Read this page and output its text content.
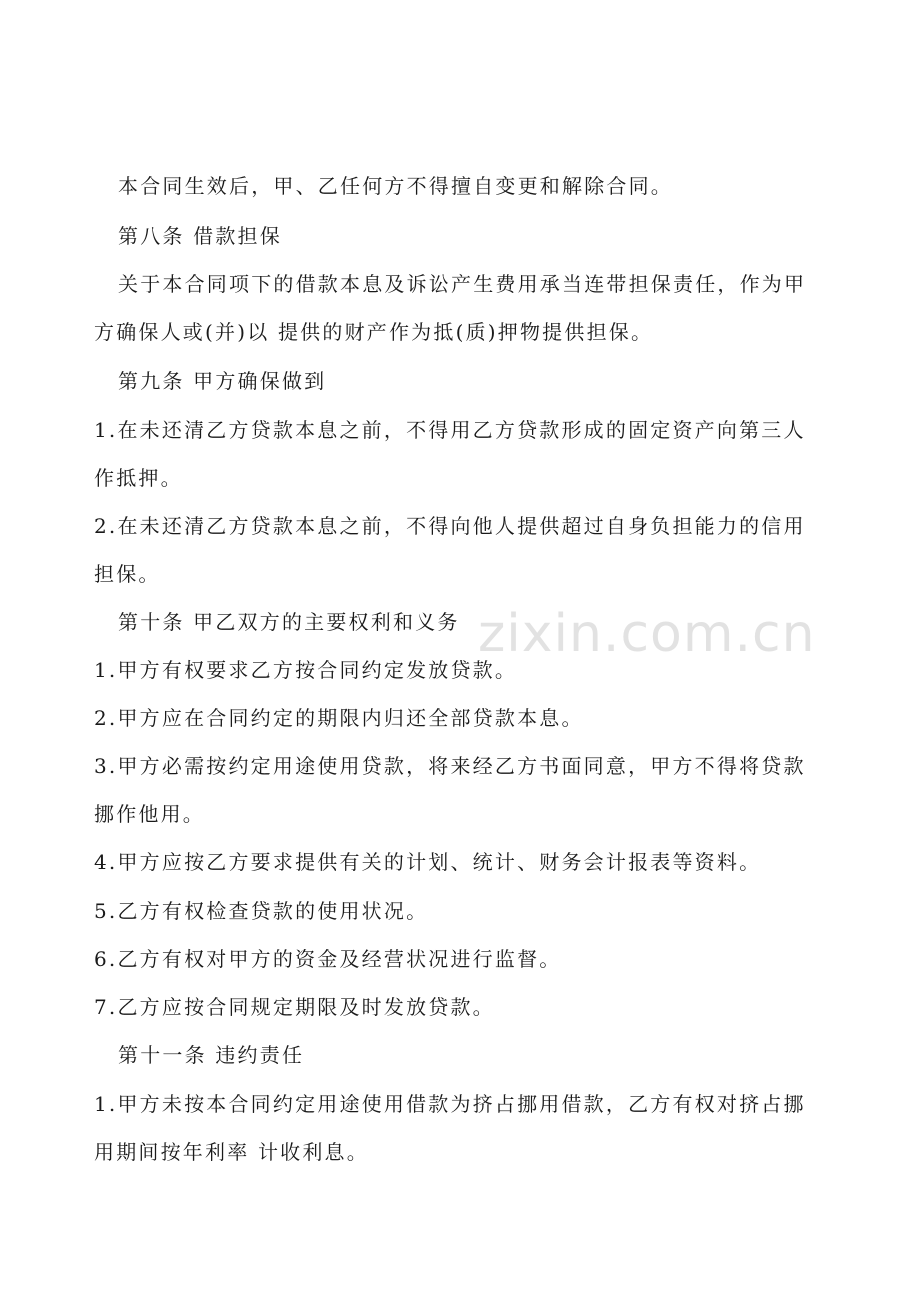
本合同生效后，甲、乙任何方不得擅自变更和解除合同。
第八条 借款担保
关于本合同项下的借款本息及诉讼产生费用承当连带担保责任，作为甲
方确保人或(并)以 提供的财产作为抵(质)押物提供担保。
第九条 甲方确保做到
1.在未还清乙方贷款本息之前，不得用乙方贷款形成的固定资产向第三人
作抵押。
2.在未还清乙方贷款本息之前，不得向他人提供超过自身负担能力的信用
担保。
第十条 甲乙双方的主要权利和义务
1.甲方有权要求乙方按合同约定发放贷款。
2.甲方应在合同约定的期限内归还全部贷款本息。
3.甲方必需按约定用途使用贷款，将来经乙方书面同意，甲方不得将贷款
挪作他用。
4.甲方应按乙方要求提供有关的计划、统计、财务会计报表等资料。
5.乙方有权检查贷款的使用状况。
6.乙方有权对甲方的资金及经营状况进行监督。
7.乙方应按合同规定期限及时发放贷款。
第十一条 违约责任
1.甲方未按本合同约定用途使用借款为挤占挪用借款，乙方有权对挤占挪
用期间按年利率 计收利息。
zixin.com.cn
